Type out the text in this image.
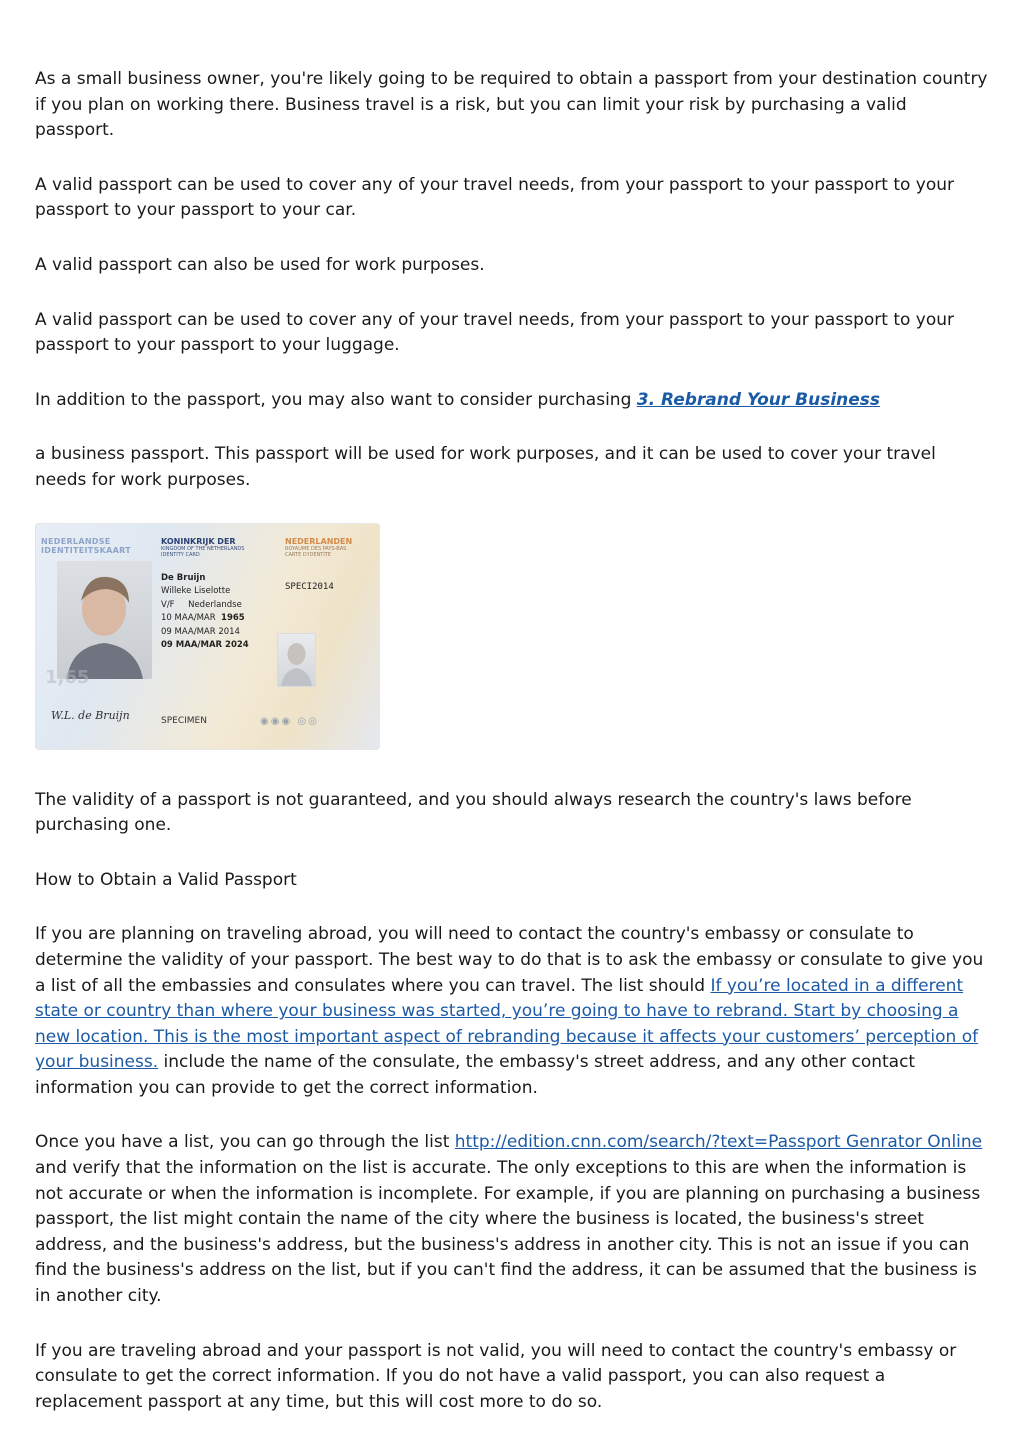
As a small business owner, you're likely going to be required to obtain a passport from your destination country if you plan on working there. Business travel is a risk, but you can limit your risk by purchasing a valid passport.

A valid passport can be used to cover any of your travel needs, from your passport to your passport to your passport to your passport to your car.

A valid passport can also be used for work purposes.

A valid passport can be used to cover any of your travel needs, from your passport to your passport to your passport to your passport to your luggage.

In addition to the passport, you may also want to consider purchasing 3. Rebrand Your Business

a business passport. This passport will be used for work purposes, and it can be used to cover your travel needs for work purposes.

NEDERLANDSE
IDENTITEITSKAART
KONINKRIJK DER
KINGDOM OF THE NETHERLANDS
IDENTITY CARD
NEDERLANDEN
ROYAUME DES PAYS-BAS
CARTE D'IDENTITE
1,65
De Bruijn
Willeke Liselotte
V/F Nederlandse
10 MAA/MAR 1965
09 MAA/MAR 2014
09 MAA/MAR 2024
SPECI2014
W.L. de Bruijn	SPECIMEN	◉◉◉ ◎◎

The validity of a passport is not guaranteed, and you should always research the country's laws before purchasing one.

How to Obtain a Valid Passport

If you are planning on traveling abroad, you will need to contact the country's embassy or consulate to determine the validity of your passport. The best way to do that is to ask the embassy or consulate to give you a list of all the embassies and consulates where you can travel. The list should If you’re located in a different state or country than where your business was started, you’re going to have to rebrand. Start by choosing a new location. This is the most important aspect of rebranding because it affects your customers’ perception of your business. include the name of the consulate, the embassy's street address, and any other contact information you can provide to get the correct information.

Once you have a list, you can go through the list http://edition.cnn.com/search/?text=Passport Genrator Online and verify that the information on the list is accurate. The only exceptions to this are when the information is not accurate or when the information is incomplete. For example, if you are planning on purchasing a business passport, the list might contain the name of the city where the business is located, the business's street address, and the business's address, but the business's address in another city. This is not an issue if you can find the business's address on the list, but if you can't find the address, it can be assumed that the business is in another city.

If you are traveling abroad and your passport is not valid, you will need to contact the country's embassy or consulate to get the correct information. If you do not have a valid passport, you can also request a replacement passport at any time, but this will cost more to do so.
